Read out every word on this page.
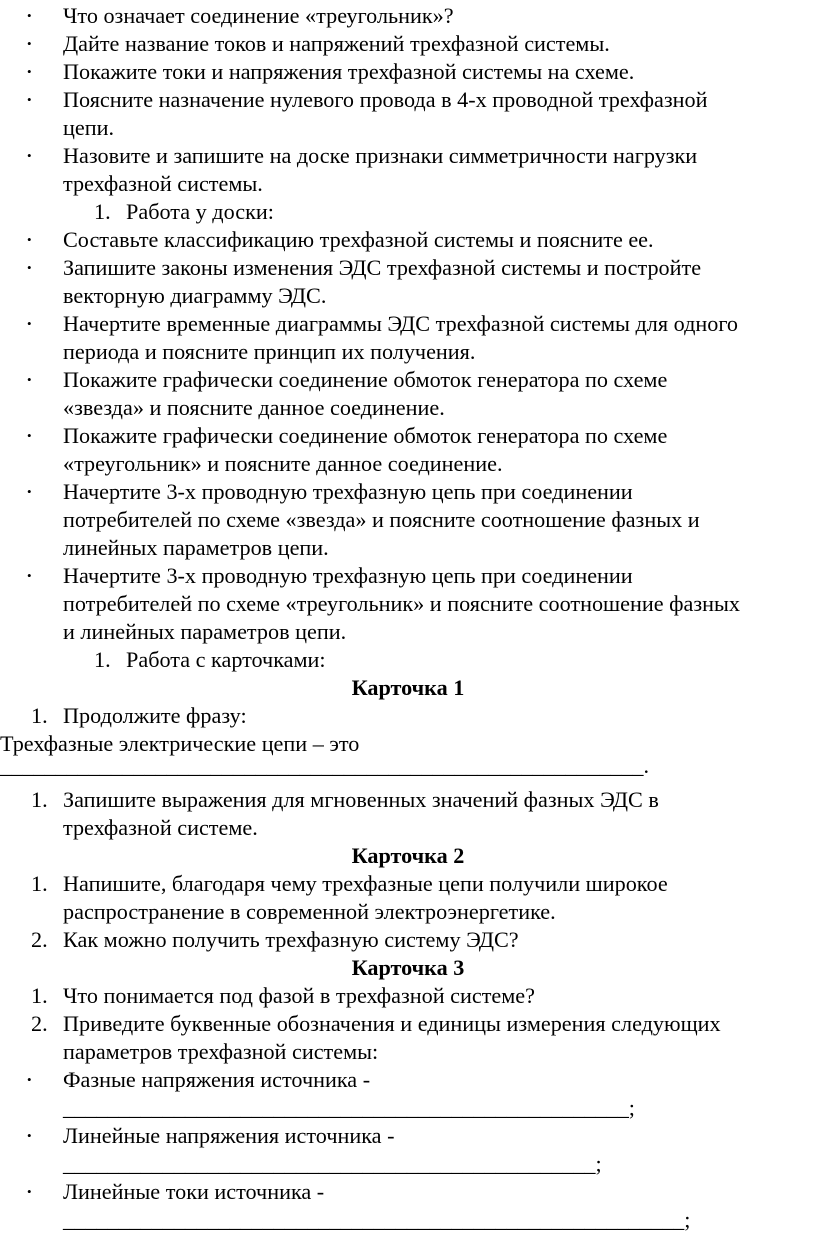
• Что означает соединение «треугольник»?
• Дайте название токов и напряжений трехфазной системы.
• Покажите токи и напряжения трехфазной системы на схеме.
• Поясните назначение нулевого провода в 4-х проводной трехфазной
цепи.
• Назовите и запишите на доске признаки симметричности нагрузки
трехфазной системы.
1. Работа у доски:
• Составьте классификацию трехфазной системы и поясните ее.
• Запишите законы изменения ЭДС трехфазной системы и постройте
векторную диаграмму ЭДС.
• Начертите временные диаграммы ЭДС трехфазной системы для одного
периода и поясните принцип их получения.
• Покажите графически соединение обмоток генератора по схеме
«звезда» и поясните данное соединение.
• Покажите графически соединение обмоток генератора по схеме
«треугольник» и поясните данное соединение.
• Начертите 3-х проводную трехфазную цепь при соединении
потребителей по схеме «звезда» и поясните соотношение фазных и
линейных параметров цепи.
• Начертите 3-х проводную трехфазную цепь при соединении
потребителей по схеме «треугольник» и поясните соотношение фазных
и линейных параметров цепи.
1. Работа с карточками:
Карточка 1
1. Продолжите фразу:
Трехфазные электрические цепи – это
__________________________________________________________.
1. Запишите выражения для мгновенных значений фазных ЭДС в
трехфазной системе.
Карточка 2
1. Напишите, благодаря чему трехфазные цепи получили широкое
распространение в современной электроэнергетике.
2. Как можно получить трехфазную систему ЭДС?
Карточка 3
1. Что понимается под фазой в трехфазной системе?
2. Приведите буквенные обозначения и единицы измерения следующих
параметров трехфазной системы:
• Фазные напряжения источника -
___________________________________________________;
• Линейные напряжения источника -
________________________________________________;
• Линейные токи источника -
________________________________________________________;
